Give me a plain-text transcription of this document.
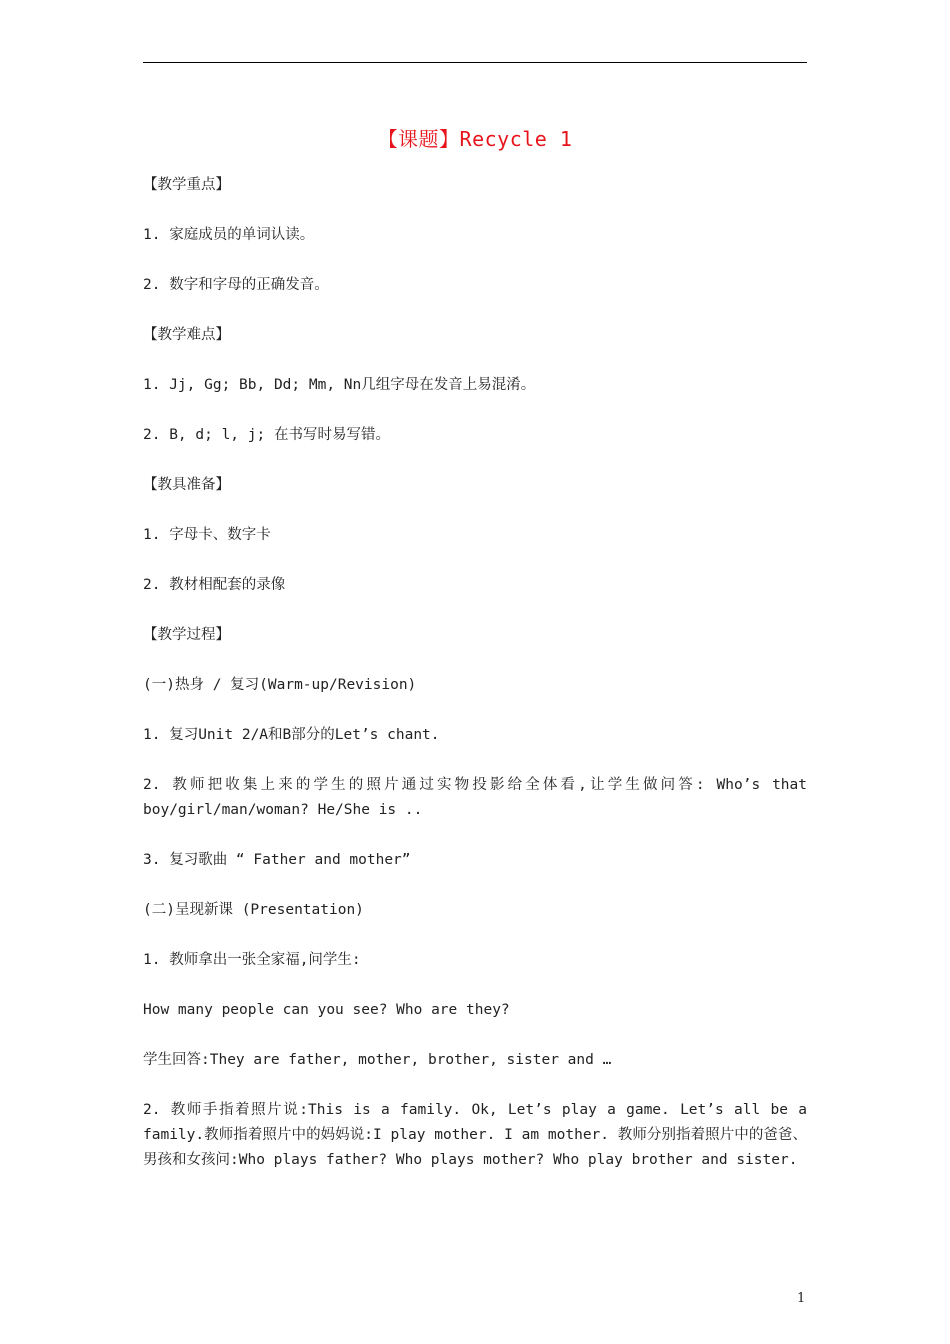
【课题】Recycle 1
【教学重点】
1. 家庭成员的单词认读。
2. 数字和字母的正确发音。
【教学难点】
1. Jj, Gg; Bb, Dd; Mm, Nn几组字母在发音上易混淆。
2. B, d; l, j; 在书写时易写错。
【教具准备】
1. 字母卡、数字卡
2. 教材相配套的录像
【教学过程】
(一)热身 / 复习(Warm-up/Revision)
1. 复习Unit 2/A和B部分的Let’s chant.
2. 教师把收集上来的学生的照片通过实物投影给全体看,让学生做问答: Who’s that boy/girl/man/woman? He/She is ..
3. 复习歌曲 “ Father and mother”
(二)呈现新课 (Presentation)
1. 教师拿出一张全家福,问学生:
How many people can you see? Who are they?
学生回答:They are father, mother, brother, sister and …
2. 教师手指着照片说:This is a family. Ok, Let’s play a game. Let’s all be a family.教师指着照片中的妈妈说:I play mother. I am mother. 教师分别指着照片中的爸爸、男孩和女孩问:Who plays father? Who plays mother? Who play brother and sister.
1
